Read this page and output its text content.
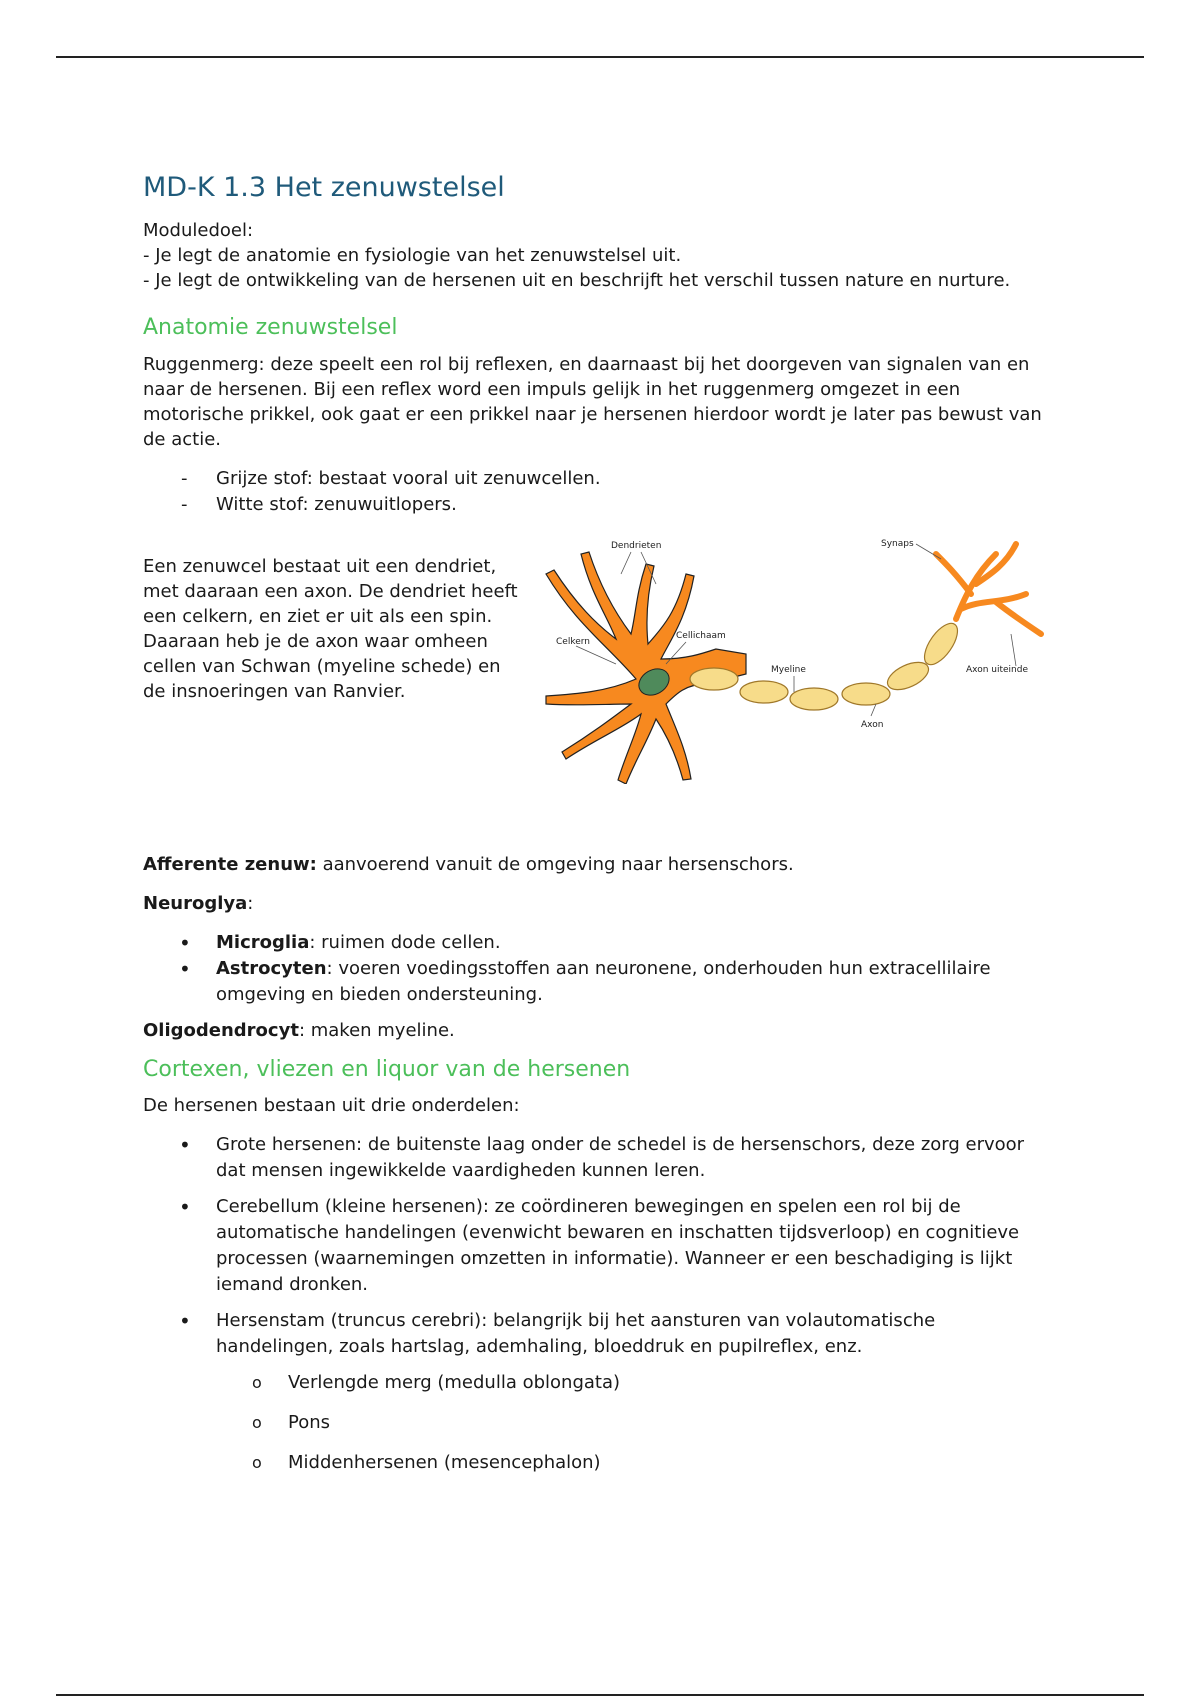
MD-K 1.3 Het zenuwstelsel

Moduledoel:

- Je legt de anatomie en fysiologie van het zenuwstelsel uit.

- Je legt de ontwikkeling van de hersenen uit en beschrijft het verschil tussen nature en nurture.

Anatomie zenuwstelsel

Ruggenmerg: deze speelt een rol bij reflexen, en daarnaast bij het doorgeven van signalen van en naar de hersenen. Bij een reflex word een impuls gelijk in het ruggenmerg omgezet in een motorische prikkel, ook gaat er een prikkel naar je hersenen hierdoor wordt je later pas bewust van de actie.

- Grijze stof: bestaat vooral uit zenuwcellen.
- Witte stof: zenuwuitlopers.

Een zenuwcel bestaat uit een dendriet, met daaraan een axon. De dendriet heeft een celkern, en ziet er uit als een spin. Daaraan heb je de axon waar omheen cellen van Schwan (myeline schede) en de insnoeringen van Ranvier.

Dendrieten	Synaps
Celkern
Cellichaam
Myeline	Axon uiteinde
Axon

Afferente zenuw: aanvoerend vanuit de omgeving naar hersenschors.

Neuroglya:

• Microglia: ruimen dode cellen.
• Astrocyten: voeren voedingsstoffen aan neuronene, onderhouden hun extracellilaire omgeving en bieden ondersteuning.

Oligodendrocyt: maken myeline.

Cortexen, vliezen en liquor van de hersenen

De hersenen bestaan uit drie onderdelen:

• Grote hersenen: de buitenste laag onder de schedel is de hersenschors, deze zorg ervoor dat mensen ingewikkelde vaardigheden kunnen leren.
• Cerebellum (kleine hersenen): ze coördineren bewegingen en spelen een rol bij de automatische handelingen (evenwicht bewaren en inschatten tijdsverloop) en cognitieve processen (waarnemingen omzetten in informatie). Wanneer er een beschadiging is lijkt iemand dronken.
• Hersenstam (truncus cerebri): belangrijk bij het aansturen van volautomatische handelingen, zoals hartslag, ademhaling, bloeddruk en pupilreflex, enz.
o Verlengde merg (medulla oblongata)
o Pons
o Middenhersenen (mesencephalon)
